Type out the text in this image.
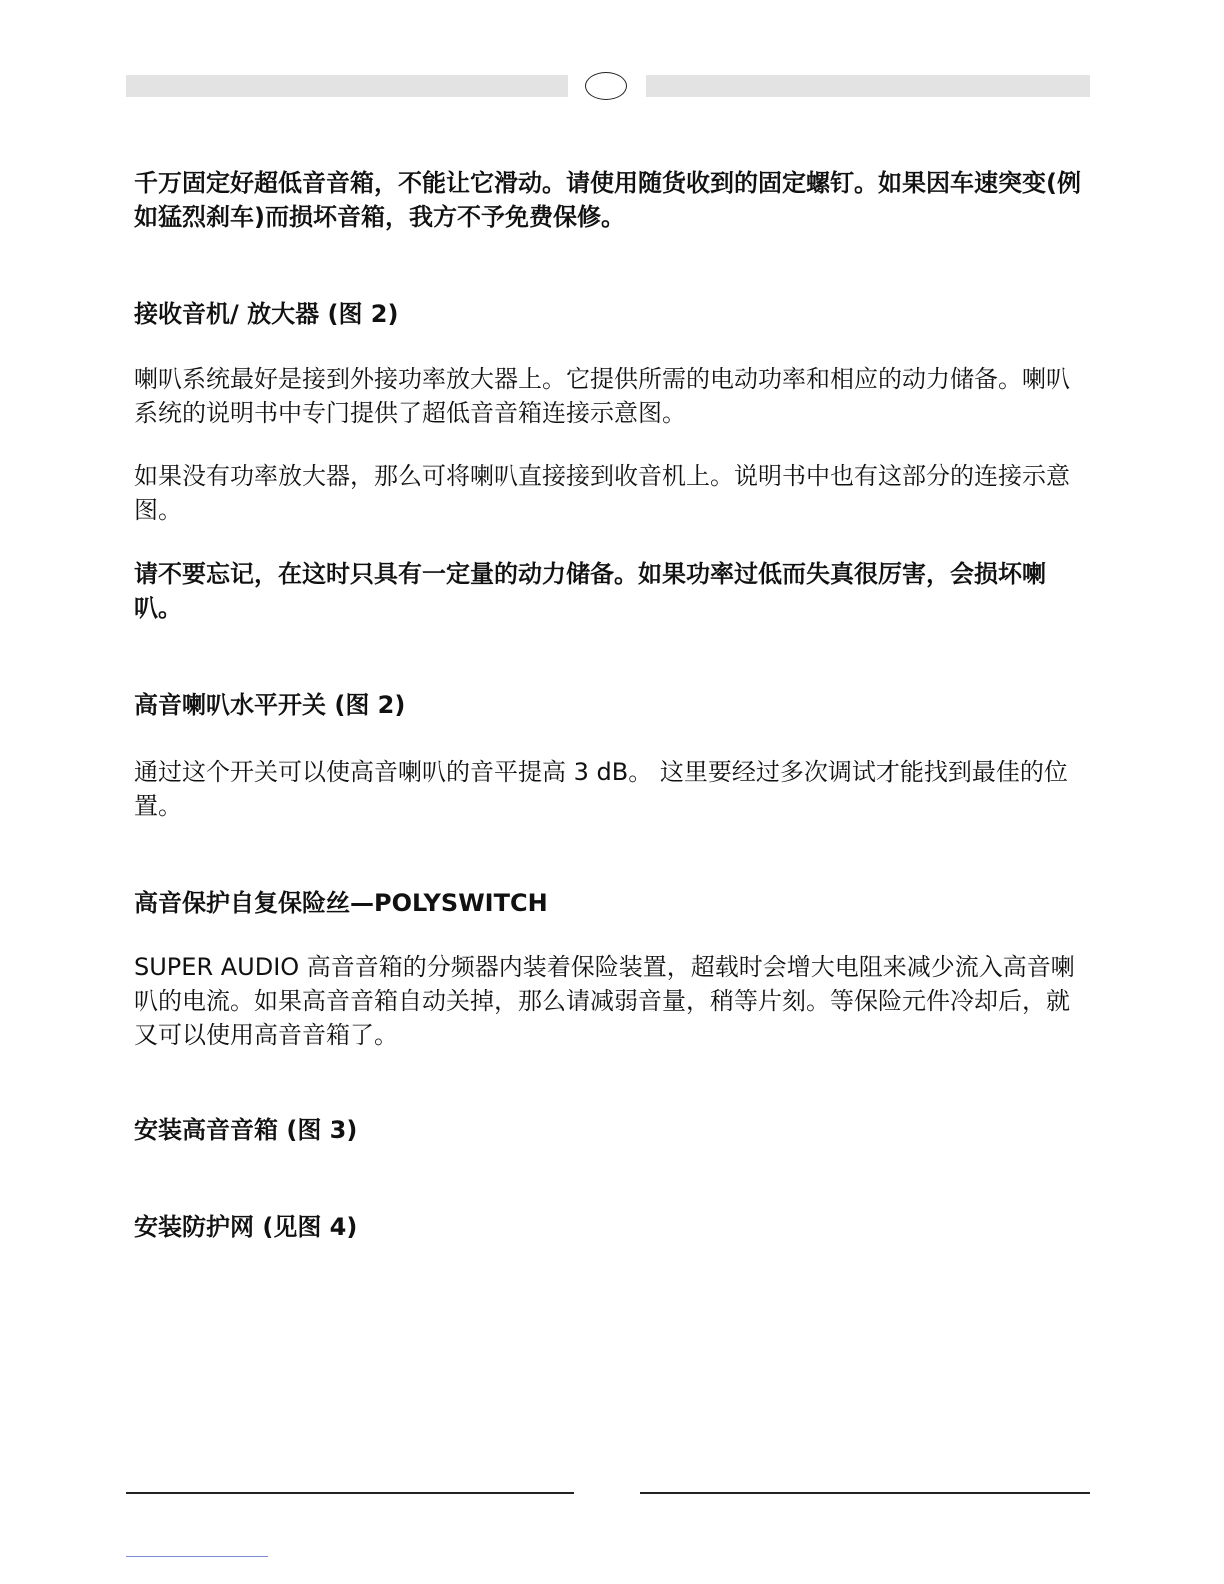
千万固定好超低音音箱，不能让它滑动。请使用随货收到的固定螺钉。如果因车速突变(例如猛烈刹车)而损坏音箱，我方不予免费保修。

接收音机/ 放大器 (图 2)

喇叭系统最好是接到外接功率放大器上。它提供所需的电动功率和相应的动力储备。喇叭系统的说明书中专门提供了超低音音箱连接示意图。

如果没有功率放大器，那么可将喇叭直接接到收音机上。说明书中也有这部分的连接示意图。

请不要忘记，在这时只具有一定量的动力储备。如果功率过低而失真很厉害，会损坏喇叭。

高音喇叭水平开关 (图 2)

通过这个开关可以使高音喇叭的音平提高 3 dB。 这里要经过多次调试才能找到最佳的位置。

高音保护自复保险丝—POLYSWITCH

SUPER AUDIO 高音音箱的分频器内装着保险装置，超载时会增大电阻来减少流入高音喇叭的电流。如果高音音箱自动关掉，那么请减弱音量，稍等片刻。等保险元件冷却后，就又可以使用高音音箱了。

安装高音音箱 (图 3)

安装防护网 (见图 4)
